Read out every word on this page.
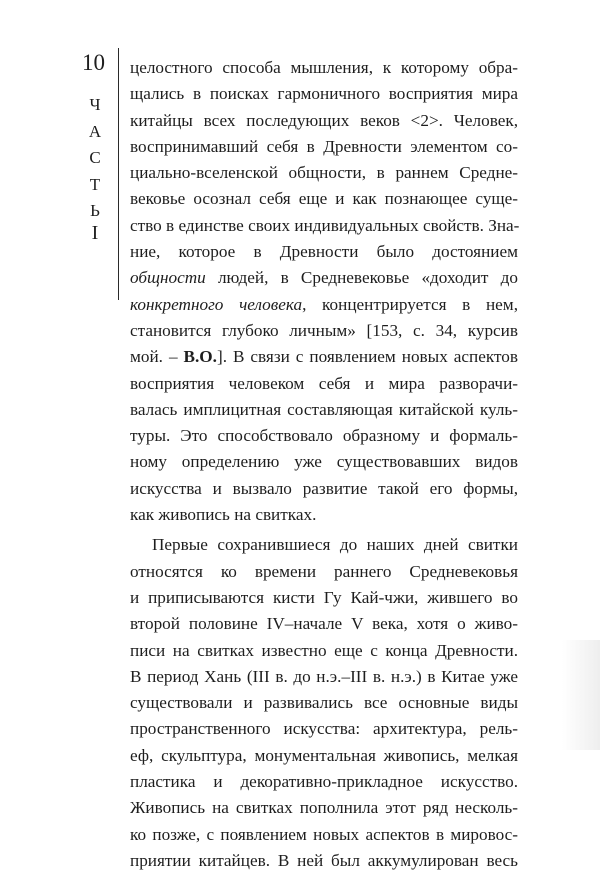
10
Ч
А
С
Т
Ь
I

целостного способа мышления, к которому обра-
щались в поисках гармоничного восприятия мира
китайцы всех последующих веков <2>. Человек,
воспринимавший себя в Древности элементом со-
циально-вселенской общности, в раннем Средне-
вековье осознал себя еще и как познающее суще-
ство в единстве своих индивидуальных свойств. Зна-
ние, которое в Древности было достоянием
общности людей, в Средневековье «доходит до
конкретного человека, концентрируется в нем,
становится глубоко личным» [153, с. 34, курсив
мой. – В.О.]. В связи с появлением новых аспектов
восприятия человеком себя и мира разворачи-
валась имплицитная составляющая китайской куль-
туры. Это способствовало образному и формаль-
ному определению уже существовавших видов
искусства и вызвало развитие такой его формы,
как живопись на свитках.

Первые сохранившиеся до наших дней свитки
относятся ко времени раннего Средневековья
и приписываются кисти Гу Кай-чжи, жившего во
второй половине IV–начале V века, хотя о живо-
писи на свитках известно еще с конца Древности.
В период Хань (III в. до н.э.–III в. н.э.) в Китае уже
существовали и развивались все основные виды
пространственного искусства: архитектура, рель-
еф, скульптура, монументальная живопись, мелкая
пластика и декоративно-прикладное искусство.
Живопись на свитках пополнила этот ряд несколь-
ко позже, с появлением новых аспектов в мировос-
приятии китайцев. В ней был аккумулирован весь
